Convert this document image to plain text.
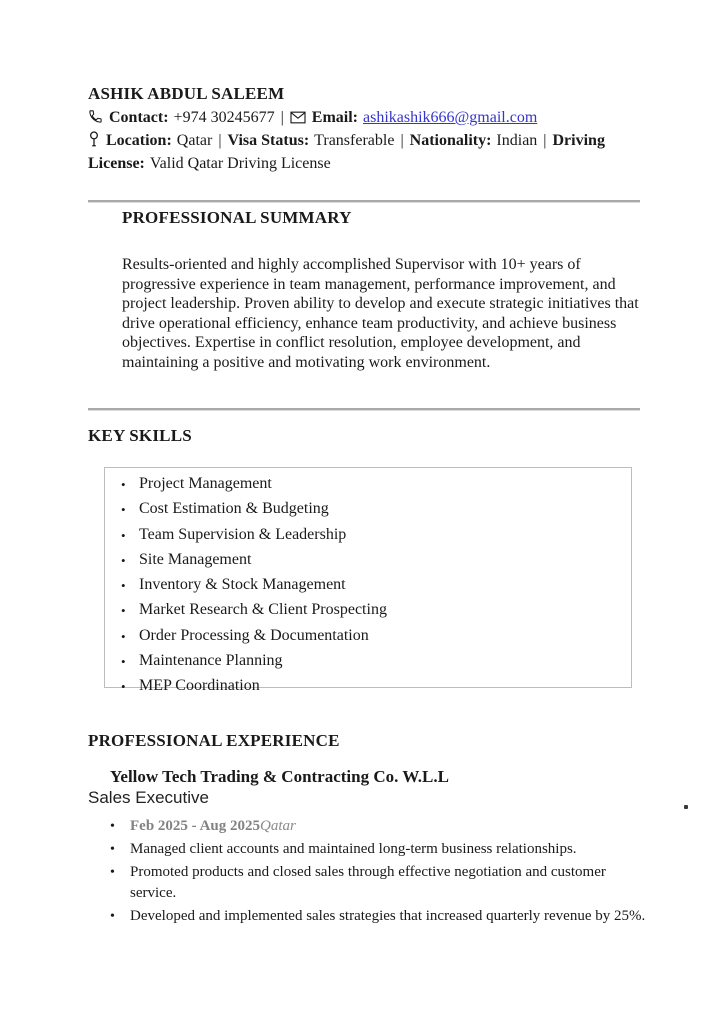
ASHIK ABDUL SALEEM
Contact: +974 30245677 | Email: ashikashik666@gmail.com
Location: Qatar | Visa Status: Transferable | Nationality: Indian | Driving License: Valid Qatar Driving License
PROFESSIONAL SUMMARY
Results-oriented and highly accomplished Supervisor with 10+ years of progressive experience in team management, performance improvement, and project leadership. Proven ability to develop and execute strategic initiatives that drive operational efficiency, enhance team productivity, and achieve business objectives. Expertise in conflict resolution, employee development, and maintaining a positive and motivating work environment.
KEY SKILLS
• Project Management
• Cost Estimation & Budgeting
• Team Supervision & Leadership
• Site Management
• Inventory & Stock Management
• Market Research & Client Prospecting
• Order Processing & Documentation
• Maintenance Planning
• MEP Coordination
PROFESSIONAL EXPERIENCE
Yellow Tech Trading & Contracting Co. W.L.L
Sales Executive
• Feb 2025 - Aug 2025Qatar
• Managed client accounts and maintained long-term business relationships.
• Promoted products and closed sales through effective negotiation and customer service.
• Developed and implemented sales strategies that increased quarterly revenue by 25%.
